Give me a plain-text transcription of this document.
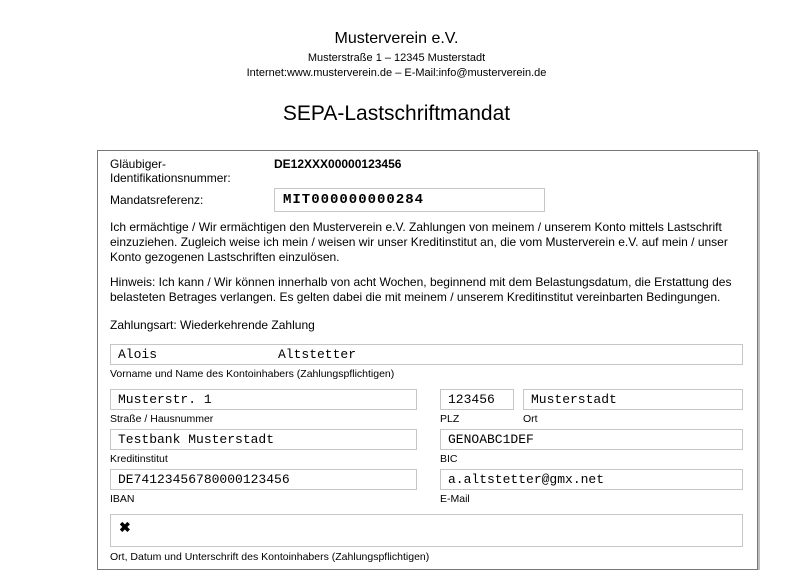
Musterverein e.V.
Musterstraße 1 – 12345 Musterstadt
Internet:www.musterverein.de – E-Mail:info@musterverein.de
SEPA-Lastschriftmandat
Gläubiger-Identifikationsnummer:
DE12XXX00000123456
Mandatsreferenz:	MIT000000000284
Ich ermächtige / Wir ermächtigen den Musterverein e.V. Zahlungen von meinem / unserem Konto mittels Lastschrift einzuziehen. Zugleich weise ich mein / weisen wir unser Kreditinstitut an, die vom Musterverein e.V. auf mein / unser Konto gezogenen Lastschriften einzulösen.
Hinweis: Ich kann / Wir können innerhalb von acht Wochen, beginnend mit dem Belastungsdatum, die Erstattung des belasteten Betrages verlangen. Es gelten dabei die mit meinem / unserem Kreditinstitut vereinbarten Bedingungen.
Zahlungsart: Wiederkehrende Zahlung
Alois	Altstetter
Vorname und Name des Kontoinhabers (Zahlungspflichtigen)
Musterstr. 1
Straße / Hausnummer
123456
PLZ
Musterstadt
Ort
Testbank Musterstadt
Kreditinstitut
GENOABC1DEF
BIC
DE74123456780000123456
IBAN
a.altstetter@gmx.net
E-Mail
✖
Ort, Datum und Unterschrift des Kontoinhabers (Zahlungspflichtigen)
